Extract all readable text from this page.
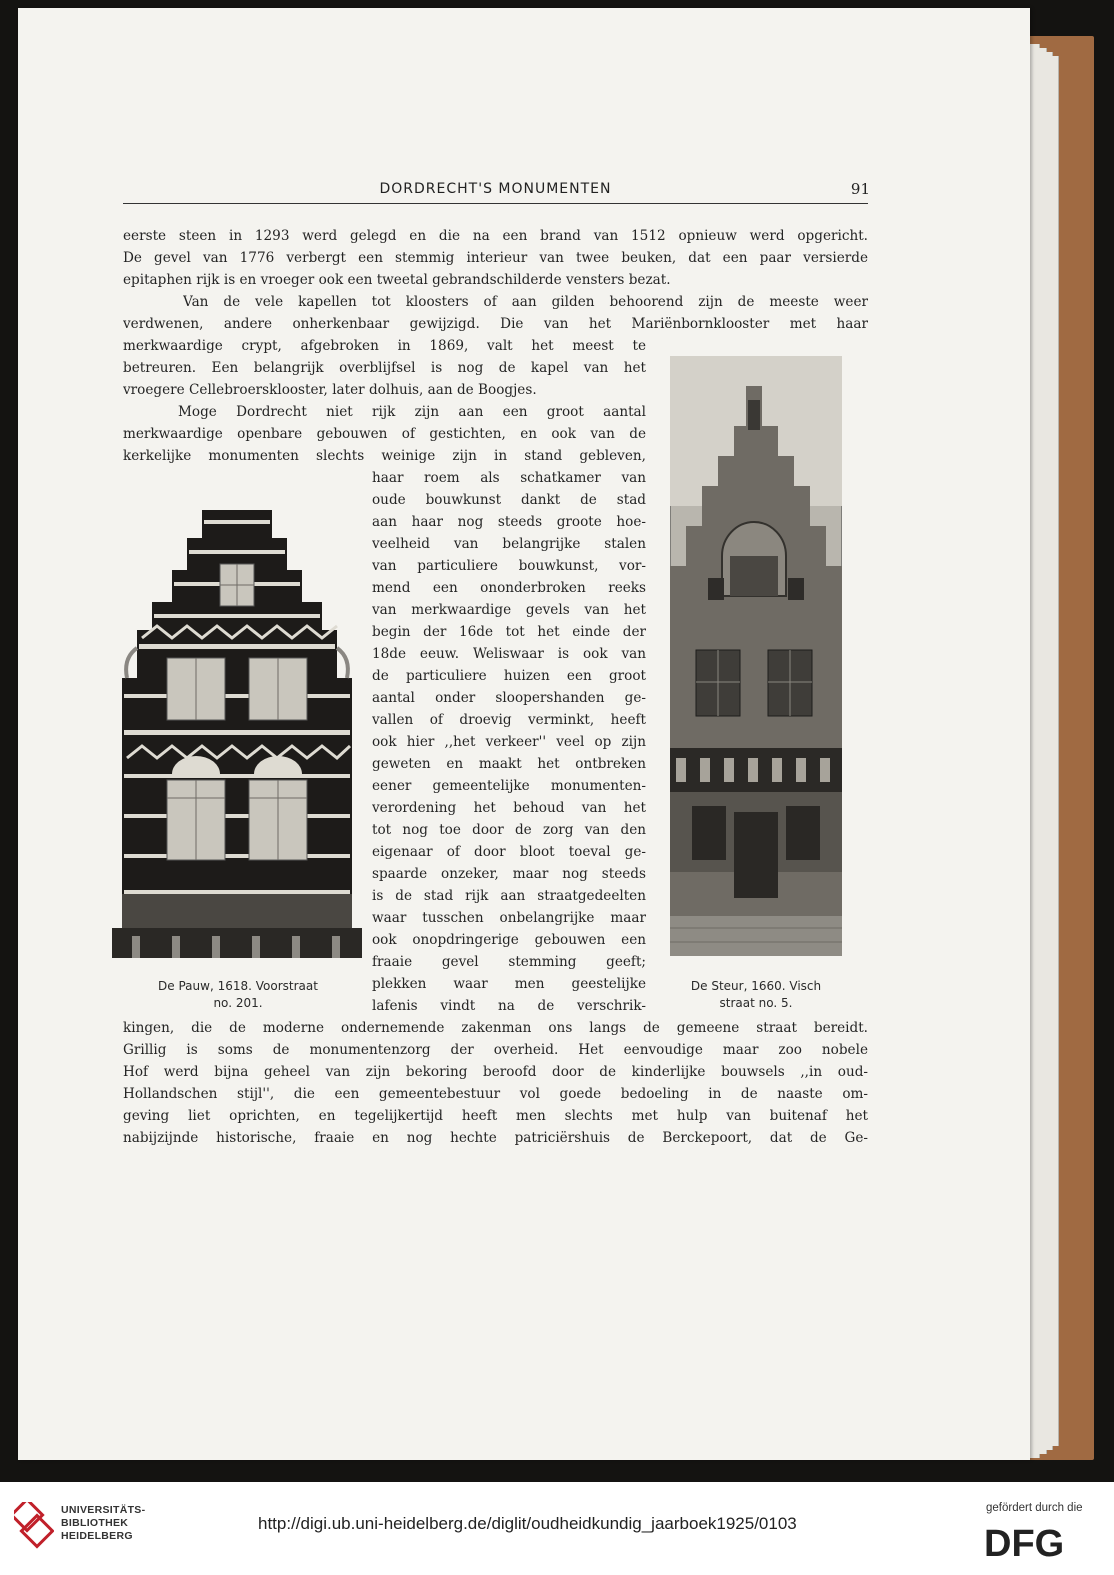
DORDRECHT'S MONUMENTEN	91
eerste steen in 1293 werd gelegd en die na een brand van 1512 opnieuw werd opgericht.
De gevel van 1776 verbergt een stemmig interieur van twee beuken, dat een paar versierde
epitaphen rijk is en vroeger ook een tweetal gebrandschilderde vensters bezat.
Van de vele kapellen tot kloosters of aan gilden behoorend zijn de meeste weer
verdwenen, andere onherkenbaar gewijzigd. Die van het Mariënbornklooster met haar
merkwaardige crypt, afgebroken in 1869, valt het meest te
betreuren. Een belangrijk overblijfsel is nog de kapel van het
vroegere Cellebroersklooster, later dolhuis, aan de Boogjes.
Moge Dordrecht niet rijk zijn aan een groot aantal
merkwaardige openbare gebouwen of gestichten, en ook van de
kerkelijke monumenten slechts weinige zijn in stand gebleven,
haar roem als schatkamer van
oude bouwkunst dankt de stad
aan haar nog steeds groote hoe-
veelheid van belangrijke stalen
van particuliere bouwkunst, vor-
mend een ononderbroken reeks
van merkwaardige gevels van het
begin der 16de tot het einde der
18de eeuw. Weliswaar is ook van
de particuliere huizen een groot
aantal onder sloopershanden ge-
vallen of droevig verminkt, heeft
ook hier ,,het verkeer'' veel op zijn
geweten en maakt het ontbreken
eener gemeentelijke monumenten-
verordening het behoud van het
tot nog toe door de zorg van den
eigenaar of door bloot toeval ge-
spaarde onzeker, maar nog steeds
is de stad rijk aan straatgedeelten
waar tusschen onbelangrijke maar
ook onopdringerige gebouwen een
fraaie gevel stemming geeft;
plekken waar men geestelijke
lafenis vindt na de verschrik-
kingen, die de moderne ondernemende zakenman ons langs de gemeene straat bereidt.
Grillig is soms de monumentenzorg der overheid. Het eenvoudige maar zoo nobele
Hof werd bijna geheel van zijn bekoring beroofd door de kinderlijke bouwsels ,,in oud-
Hollandschen stijl'', die een gemeentebestuur vol goede bedoeling in de naaste om-
geving liet oprichten, en tegelijkertijd heeft men slechts met hulp van buitenaf het
nabijzijnde historische, fraaie en nog hechte patriciërshuis de Berckepoort, dat de Ge-
De Pauw, 1618. Voorstraat
no. 201.
De Steur, 1660. Visch
straat no. 5.
UNIVERSITÄTS-
BIBLIOTHEK
HEIDELBERG
http://digi.ub.uni-heidelberg.de/diglit/oudheidkundig_jaarboek1925/0103
gefördert durch die
DFG
